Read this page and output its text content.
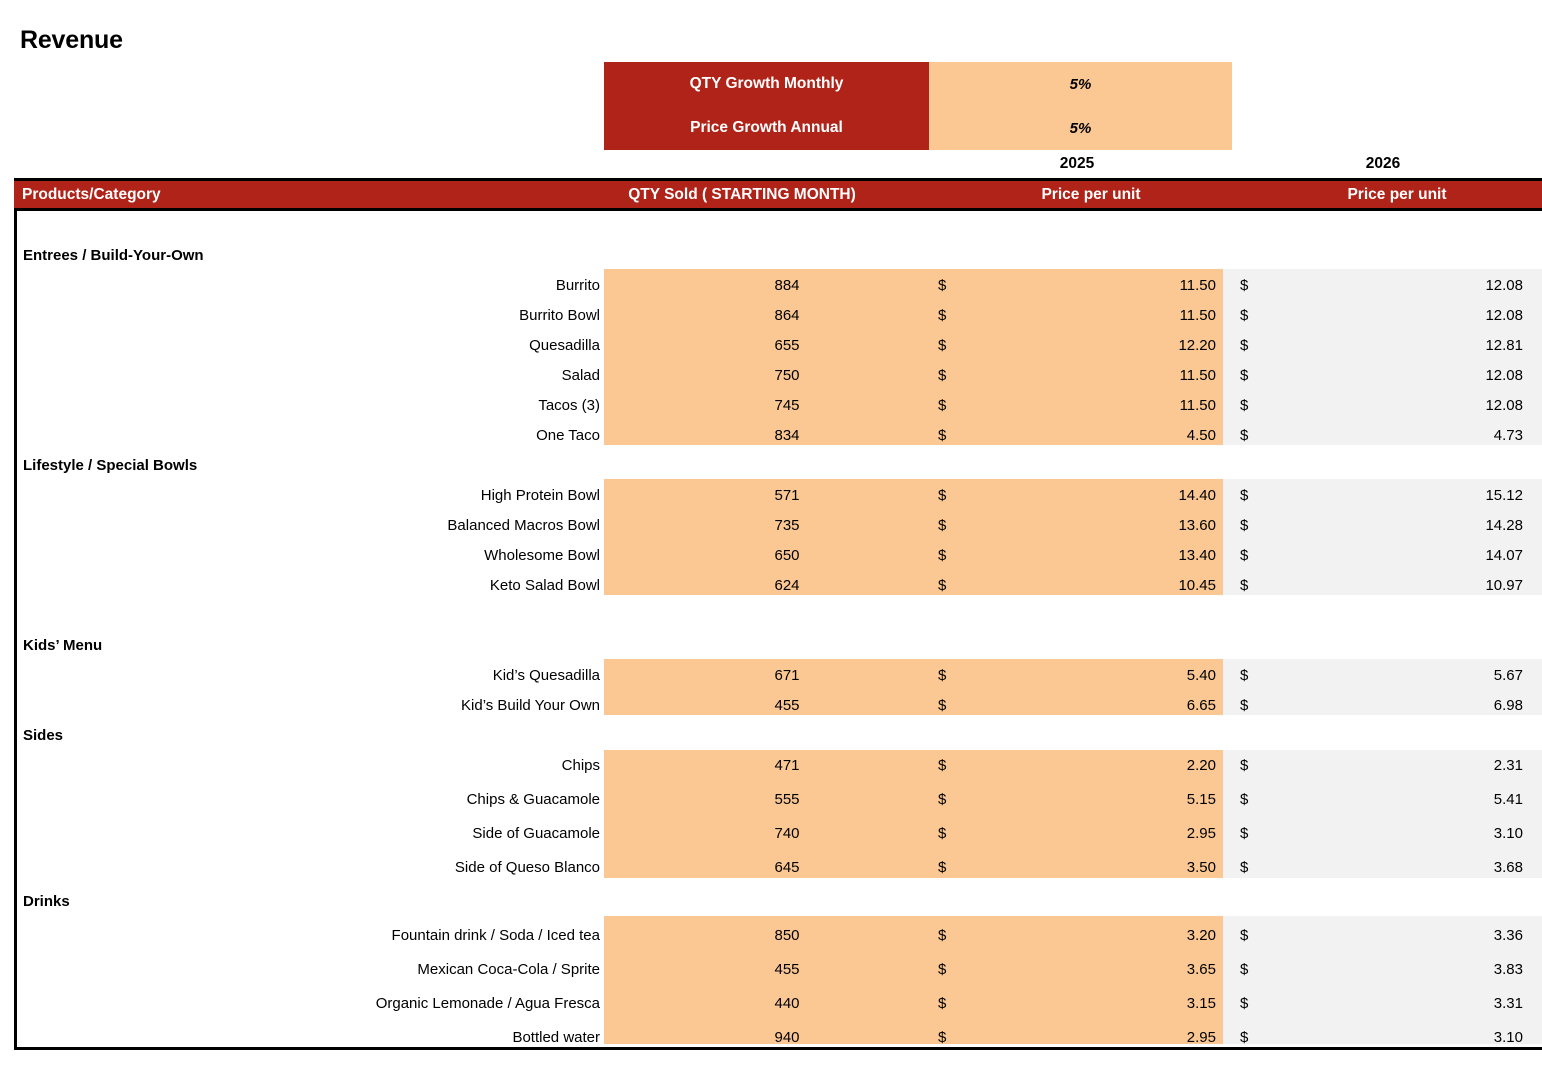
Revenue
QTY Growth Monthly	5%
Price Growth Annual	5%
2025	2026
Products/Category	QTY Sold ( STARTING MONTH)	Price per unit	Price per unit
Entrees / Build-Your-Own
Burrito	884	$	11.50 $	12.08
Burrito Bowl	864	$	11.50 $	12.08
Quesadilla	655	$	12.20 $	12.81
Salad	750	$	11.50 $	12.08
Tacos (3)	745	$	11.50 $	12.08
One Taco	834	$	4.50 $	4.73
Lifestyle / Special Bowls
High Protein Bowl	571	$	14.40 $	15.12
Balanced Macros Bowl	735	$	13.60 $	14.28
Wholesome Bowl	650	$	13.40 $	14.07
Keto Salad Bowl	624	$	10.45 $	10.97
Kids’ Menu
Kid’s Quesadilla	671	$	5.40 $	5.67
Kid’s Build Your Own	455	$	6.65 $	6.98
Sides
Chips	471	$	2.20 $	2.31
Chips & Guacamole	555	$	5.15 $	5.41
Side of Guacamole	740	$	2.95 $	3.10
Side of Queso Blanco	645	$	3.50 $	3.68
Drinks
Fountain drink / Soda / Iced tea	850	$	3.20 $	3.36
Mexican Coca-Cola / Sprite	455	$	3.65 $	3.83
Organic Lemonade / Agua Fresca	440	$	3.15 $	3.31
Bottled water	940	$	2.95 $	3.10
